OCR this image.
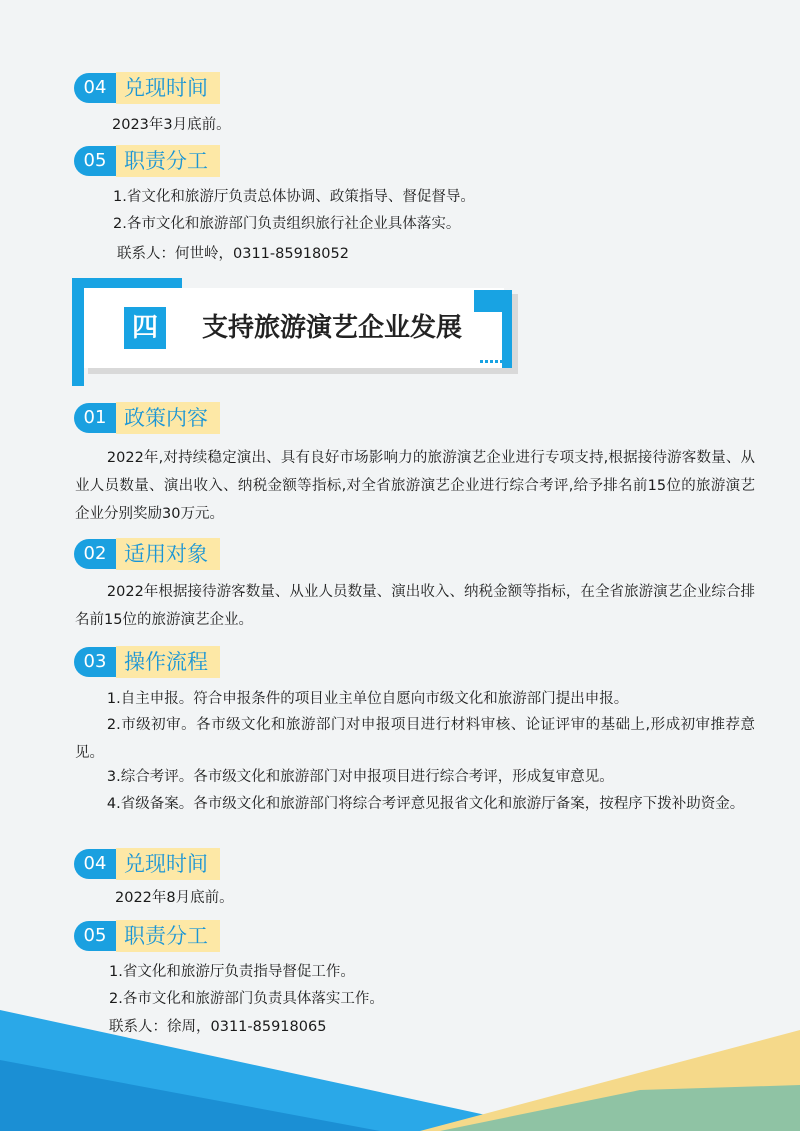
04 兑现时间
2023年3月底前。
05 职责分工
1.省文化和旅游厅负责总体协调、政策指导、督促督导。
2.各市文化和旅游部门负责组织旅行社企业具体落实。
联系人：何世岭，0311-85918052
四	支持旅游演艺企业发展
01 政策内容
2022年,对持续稳定演出、具有良好市场影响力的旅游演艺企业进行专项支持,根据接待游客数量、从业人员数量、演出收入、纳税金额等指标,对全省旅游演艺企业进行综合考评,给予排名前15位的旅游演艺企业分别奖励30万元。
02 适用对象
2022年根据接待游客数量、从业人员数量、演出收入、纳税金额等指标，在全省旅游演艺企业综合排名前15位的旅游演艺企业。
03 操作流程
1.自主申报。符合申报条件的项目业主单位自愿向市级文化和旅游部门提出申报。
2.市级初审。各市级文化和旅游部门对申报项目进行材料审核、论证评审的基础上,形成初审推荐意见。
3.综合考评。各市级文化和旅游部门对申报项目进行综合考评，形成复审意见。
4.省级备案。各市级文化和旅游部门将综合考评意见报省文化和旅游厅备案，按程序下拨补助资金。
04 兑现时间
2022年8月底前。
05 职责分工
1.省文化和旅游厅负责指导督促工作。
2.各市文化和旅游部门负责具体落实工作。
联系人：徐周，0311-85918065
